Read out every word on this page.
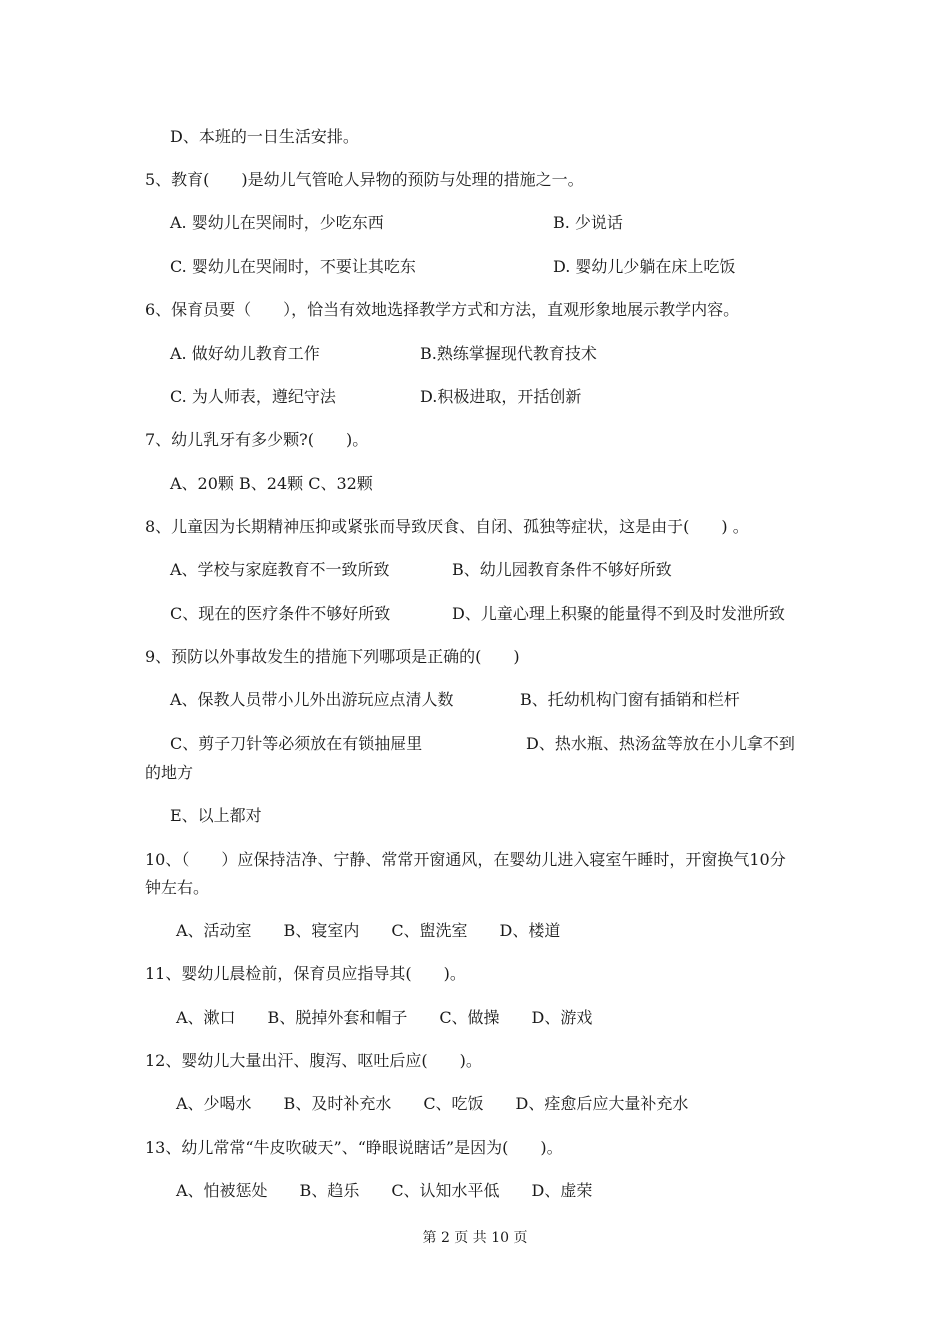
D、本班的一日生活安排。
5、教育(　　)是幼儿气管呛人异物的预防与处理的措施之一。
A. 婴幼儿在哭闹时，少吃东西	B. 少说话
C. 婴幼儿在哭闹时，不要让其吃东	D. 婴幼儿少躺在床上吃饭
6、保育员要（　　），恰当有效地选择教学方式和方法，直观形象地展示教学内容。
A. 做好幼儿教育工作	B.熟练掌握现代教育技术
C. 为人师表，遵纪守法	D.积极进取，开括创新
7、幼儿乳牙有多少颗?(　　)。
A、20颗 B、24颗 C、32颗
8、儿童因为长期精神压抑或紧张而导致厌食、自闭、孤独等症状，这是由于(　　) 。
A、学校与家庭教育不一致所致	B、幼儿园教育条件不够好所致
C、现在的医疗条件不够好所致	D、儿童心理上积聚的能量得不到及时发泄所致
9、预防以外事故发生的措施下列哪项是正确的(　　)
A、保教人员带小儿外出游玩应点清人数	B、托幼机构门窗有插销和栏杆
C、剪子刀针等必须放在有锁抽屉里	D、热水瓶、热汤盆等放在小儿拿不到
的地方
E、以上都对
10、（　　）应保持洁净、宁静、常常开窗通风，在婴幼儿进入寝室午睡时，开窗换气10分
钟左右。
A、活动室　　B、寝室内　　C、盥洗室　　D、楼道
11、婴幼儿晨检前，保育员应指导其(　　)。
A、漱口　　B、脱掉外套和帽子　　C、做操　　D、游戏
12、婴幼儿大量出汗、腹泻、呕吐后应(　　)。
A、少喝水　　B、及时补充水　　C、吃饭　　D、痊愈后应大量补充水
13、幼儿常常“牛皮吹破天”、“睁眼说瞎话”是因为(　　)。
A、怕被惩处　　B、趋乐　　C、认知水平低　　D、虚荣
第 2 页 共 10 页
